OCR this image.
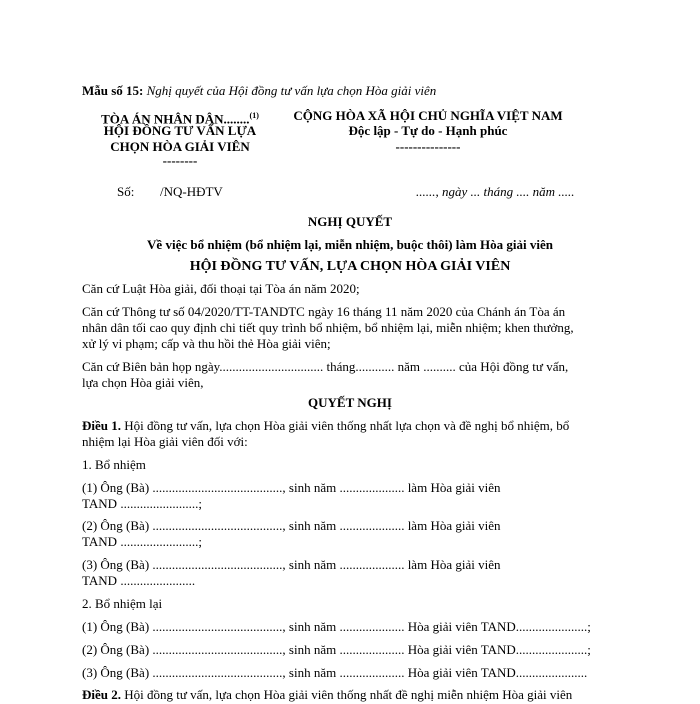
Mẫu số 15: Nghị quyết của Hội đồng tư vấn lựa chọn Hòa giải viên
TÒA ÁN NHÂN DÂN........$^{(1)}$
HỘI ĐỒNG TƯ VẤN LỰA
CHỌN HÒA GIẢI VIÊN
--------
CỘNG HÒA XÃ HỘI CHỦ NGHĨA VIỆT NAM
Độc lập - Tự do - Hạnh phúc
---------------
Số: /NQ-HĐTV	......, ngày ... tháng .... năm .....
NGHỊ QUYẾT
Về việc bổ nhiệm (bổ nhiệm lại, miễn nhiệm, buộc thôi) làm Hòa giải viên
HỘI ĐỒNG TƯ VẤN, LỰA CHỌN HÒA GIẢI VIÊN
Căn cứ Luật Hòa giải, đối thoại tại Tòa án năm 2020;
Căn cứ Thông tư số 04/2020/TT-TANDTC ngày 16 tháng 11 năm 2020 của Chánh án Tòa án
nhân dân tối cao quy định chi tiết quy trình bổ nhiệm, bổ nhiệm lại, miễn nhiệm; khen thưởng,
xử lý vi phạm; cấp và thu hồi thẻ Hòa giải viên;
Căn cứ Biên bản họp ngày................................ tháng............ năm .......... của Hội đồng tư vấn,
lựa chọn Hòa giải viên,
QUYẾT NGHỊ
Điều 1. Hội đồng tư vấn, lựa chọn Hòa giải viên thống nhất lựa chọn và đề nghị bổ nhiệm, bổ
nhiệm lại Hòa giải viên đối với:
1. Bổ nhiệm
(1) Ông (Bà) ........................................, sinh năm .................... làm Hòa giải viên
TAND ........................;
(2) Ông (Bà) ........................................, sinh năm .................... làm Hòa giải viên
TAND ........................;
(3) Ông (Bà) ........................................, sinh năm .................... làm Hòa giải viên
TAND .......................
2. Bổ nhiệm lại
(1) Ông (Bà) ........................................, sinh năm .................... Hòa giải viên TAND......................;
(2) Ông (Bà) ........................................, sinh năm .................... Hòa giải viên TAND......................;
(3) Ông (Bà) ........................................, sinh năm .................... Hòa giải viên TAND......................
Điều 2. Hội đồng tư vấn, lựa chọn Hòa giải viên thống nhất đề nghị miễn nhiệm Hòa giải viên
